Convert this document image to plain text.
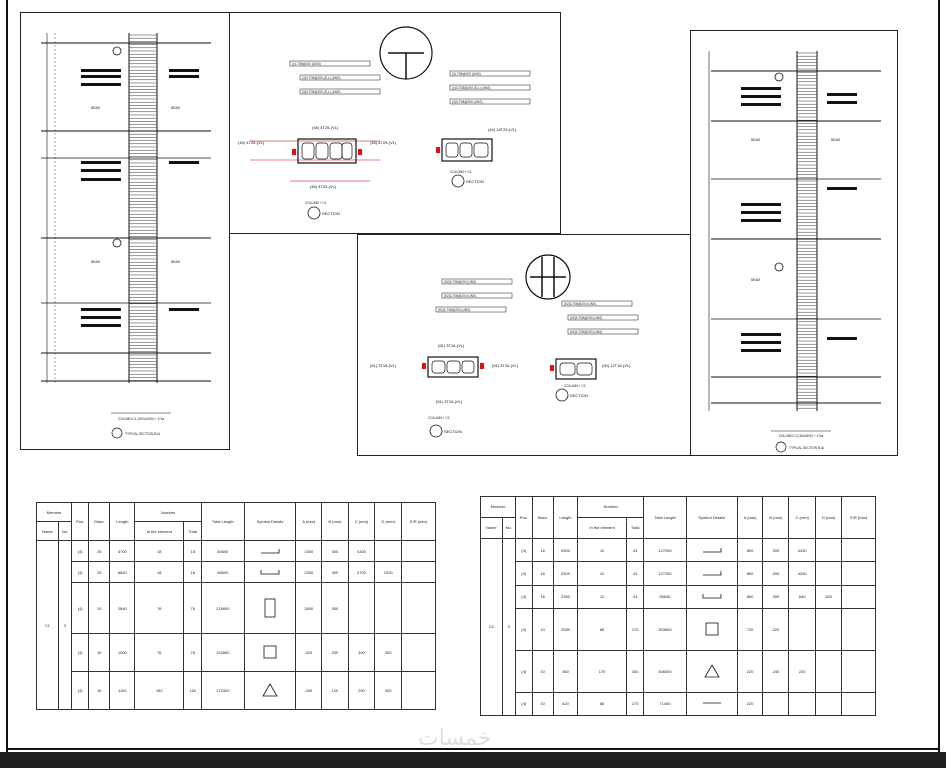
BEAM	BEAM
BEAM	BEAM
COLUMN C1 (300x1400) + 17ca
TYPICAL SECTION B1A
(3)-T08@200 (UNS)
(3)3-T08@200-(S,L) (UNS)
(3)3-T08@200-(S,L) (UNS)
(3)-T08@200 (UNS)
(3)3-T08@200-(S,L) (UNS)
(3)3-T08@200 (UNS)
(45) 4T25-(VL)
(45) 4T25-(VL)	(45) 4T25-(VL)
(45) 4T25-(VL)
SECTION
COLUMN + C1
(44) 16T25-(VL)
COLUMN + C1
SECTION
(52)3-T08@200 (UNS)
(52)3-T08@200 (UNS)
(52)3-T08@200 (UNS)
(52)3-T08@200 (UNS)
(52)3-T08@200 (UNS)
(52)3-T08@200 (UNS)
(51) 3T16-(VL)
(51) 3T16-(VL)	(51) 3T16-(VL)
(51) 3T16-(VL)
COLUMN + C2
SECTION
(50) 12T16-(VL)
COLUMN + C2
SECTION
BEAM	BEAM
BEAM
COLUMN C2 (300x900) + 17ca
TYPICAL SECTION B1A
Member		Pos.	Diam.	Length	Number		Total Length	Symbol Details	A (mm)	B (mm)	C (mm)	D (mm)	E/R (mm)
Name	No.				In the element	Total							
C1	3	(4)	25	3700	18	18	65600		1300	300	4300		
		(4)	25	6840	18	18	68600		2300	300	2700	1000	
		(4)	10	2840	76	76	215600		1800	300			
		(4)	10	1000	76	76	152800		320	230	300	300	
		(4)	10	1100	152	152	170320		260	120	200	320	
Member		Pos.	Diam.	Length	Number		Total Length	Symbol Details	A (mm)	B (mm)	C (mm)	D (mm)	E/R (mm)
Name	No.				In the element	Total							
C2	3	(4)	16	5300	12	24	127200		800	200	4240		
		(4)	16	5300	12	24	127200		800	200	4240		
		(4)	16	2350	12	24	56630		800	200	640	820	
		(4)	10	2080	85	170	353600		720	220			
		(4)	10	360	170	340	306000		220	240	220		
		(4)	10	420	85	170	71400		220				
خمسات
